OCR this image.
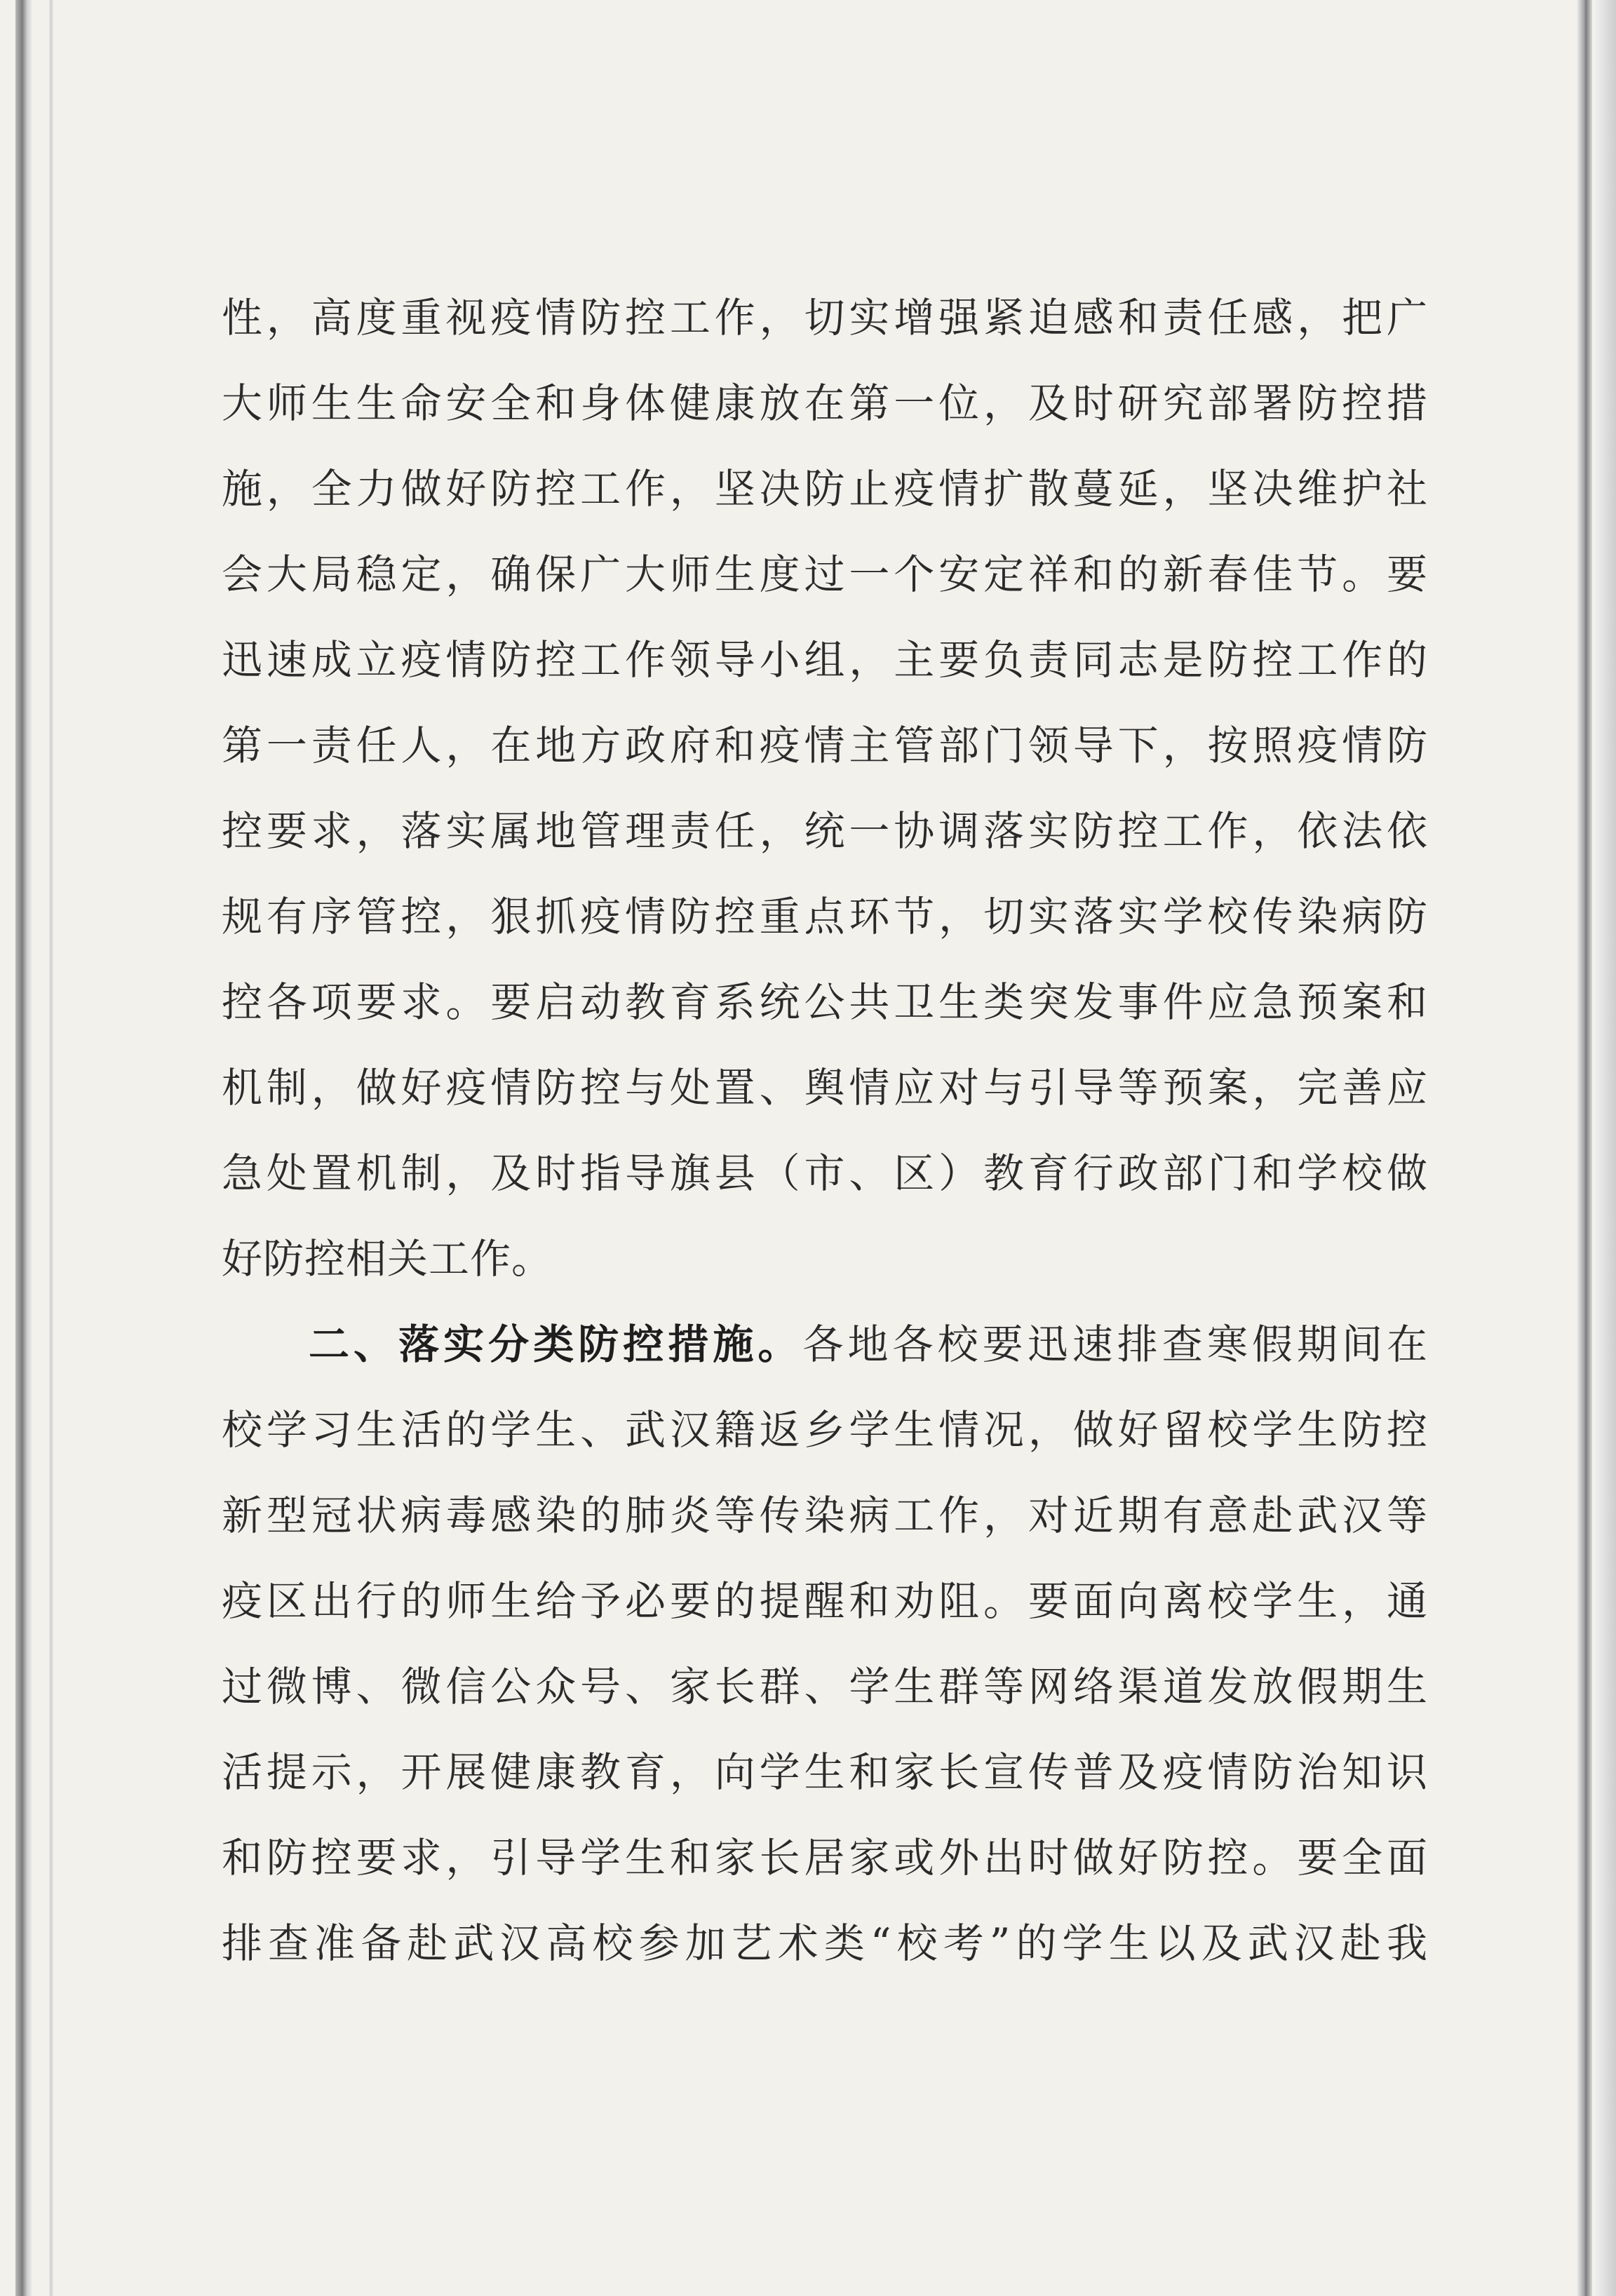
性，高度重视疫情防控工作，切实增强紧迫感和责任感，把广
大师生生命安全和身体健康放在第一位，及时研究部署防控措
施，全力做好防控工作，坚决防止疫情扩散蔓延，坚决维护社
会大局稳定，确保广大师生度过一个安定祥和的新春佳节。要
迅速成立疫情防控工作领导小组，主要负责同志是防控工作的
第一责任人，在地方政府和疫情主管部门领导下，按照疫情防
控要求，落实属地管理责任，统一协调落实防控工作，依法依
规有序管控，狠抓疫情防控重点环节，切实落实学校传染病防
控各项要求。要启动教育系统公共卫生类突发事件应急预案和
机制，做好疫情防控与处置、舆情应对与引导等预案，完善应
急处置机制，及时指导旗县（市、区）教育行政部门和学校做
好防控相关工作。
二、落实分类防控措施。各地各校要迅速排查寒假期间在
校学习生活的学生、武汉籍返乡学生情况，做好留校学生防控
新型冠状病毒感染的肺炎等传染病工作，对近期有意赴武汉等
疫区出行的师生给予必要的提醒和劝阻。要面向离校学生，通
过微博、微信公众号、家长群、学生群等网络渠道发放假期生
活提示，开展健康教育，向学生和家长宣传普及疫情防治知识
和防控要求，引导学生和家长居家或外出时做好防控。要全面
排查准备赴武汉高校参加艺术类“校考”的学生以及武汉赴我
